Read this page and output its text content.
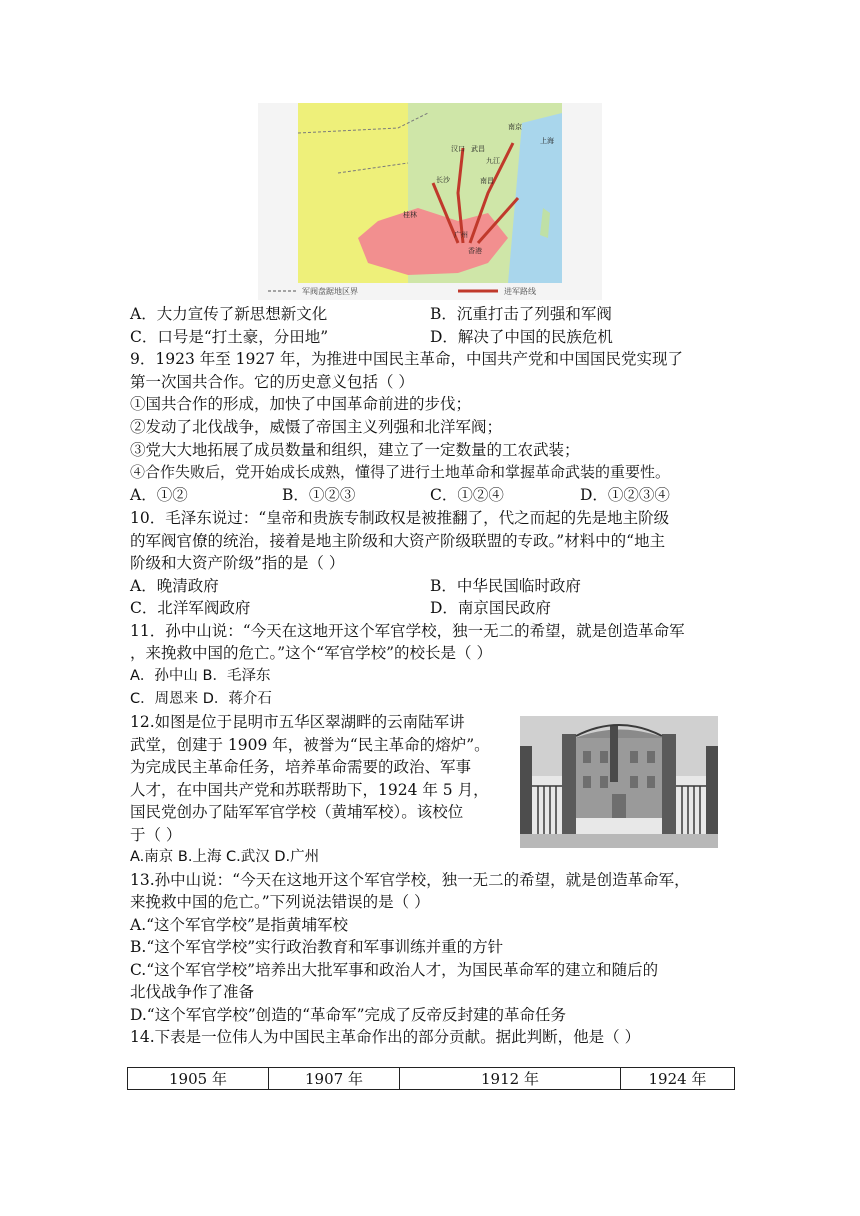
南京
上海
汉口 武昌
九江
长沙	南昌
桂林
广州
香港
军阀盘踞地区界	进军路线
A．大力宣传了新思想新文化	B．沉重打击了列强和军阀
C．口号是“打土豪，分田地”	D．解决了中国的民族危机
9．1923 年至 1927 年，为推进中国民主革命，中国共产党和中国国民党实现了
第一次国共合作。它的历史意义包括（ ）
①国共合作的形成，加快了中国革命前进的步伐；
②发动了北伐战争，威慑了帝国主义列强和北洋军阀；
③党大大地拓展了成员数量和组织，建立了一定数量的工农武装；
④合作失败后，党开始成长成熟，懂得了进行土地革命和掌握革命武装的重要性。
A．①②	B．①②③	C．①②④	D．①②③④
10．毛泽东说过：“皇帝和贵族专制政权是被推翻了，代之而起的先是地主阶级
的军阀官僚的统治，接着是地主阶级和大资产阶级联盟的专政。”材料中的“地主
阶级和大资产阶级”指的是（ ）
A．晚清政府	B．中华民国临时政府
C．北洋军阀政府	D．南京国民政府
11．孙中山说：“今天在这地开这个军官学校，独一无二的希望，就是创造革命军
，来挽救中国的危亡。”这个“军官学校”的校长是（ ）
A．孙中山 B．毛泽东
C．周恩来 D．蒋介石
12.如图是位于昆明市五华区翠湖畔的云南陆军讲
武堂，创建于 1909 年，被誉为“民主革命的熔炉”。
为完成民主革命任务，培养革命需要的政治、军事
人才，在中国共产党和苏联帮助下，1924 年 5 月，
国民党创办了陆军军官学校（黄埔军校）。该校位
于（ ）
A.南京 B.上海 C.武汉 D.广州
13.孙中山说：“今天在这地开这个军官学校，独一无二的希望，就是创造革命军，
来挽救中国的危亡。”下列说法错误的是（ ）
A.“这个军官学校”是指黄埔军校
B.“这个军官学校”实行政治教育和军事训练并重的方针
C.“这个军官学校”培养出大批军事和政治人才，为国民革命军的建立和随后的
北伐战争作了准备
D.“这个军官学校”创造的“革命军”完成了反帝反封建的革命任务
14.下表是一位伟人为中国民主革命作出的部分贡献。据此判断，他是（ ）
1905 年	1907 年	1912 年	1924 年
